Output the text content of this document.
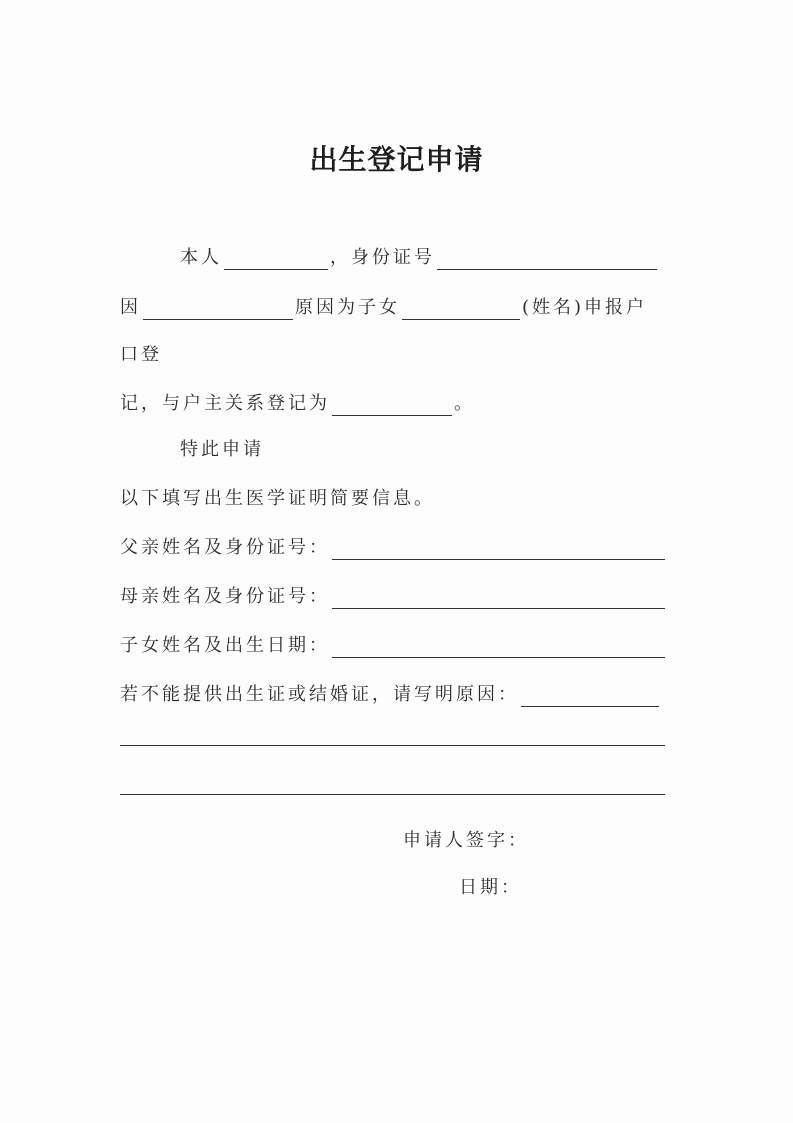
出生登记申请
本人	，身份证号
因	原因为子女	(姓名)申报户
口登
记，与户主关系登记为	。
特此申请
以下填写出生医学证明简要信息。
父亲姓名及身份证号：
母亲姓名及身份证号：
子女姓名及出生日期：
若不能提供出生证或结婚证，请写明原因：
申请人签字：
日期：
